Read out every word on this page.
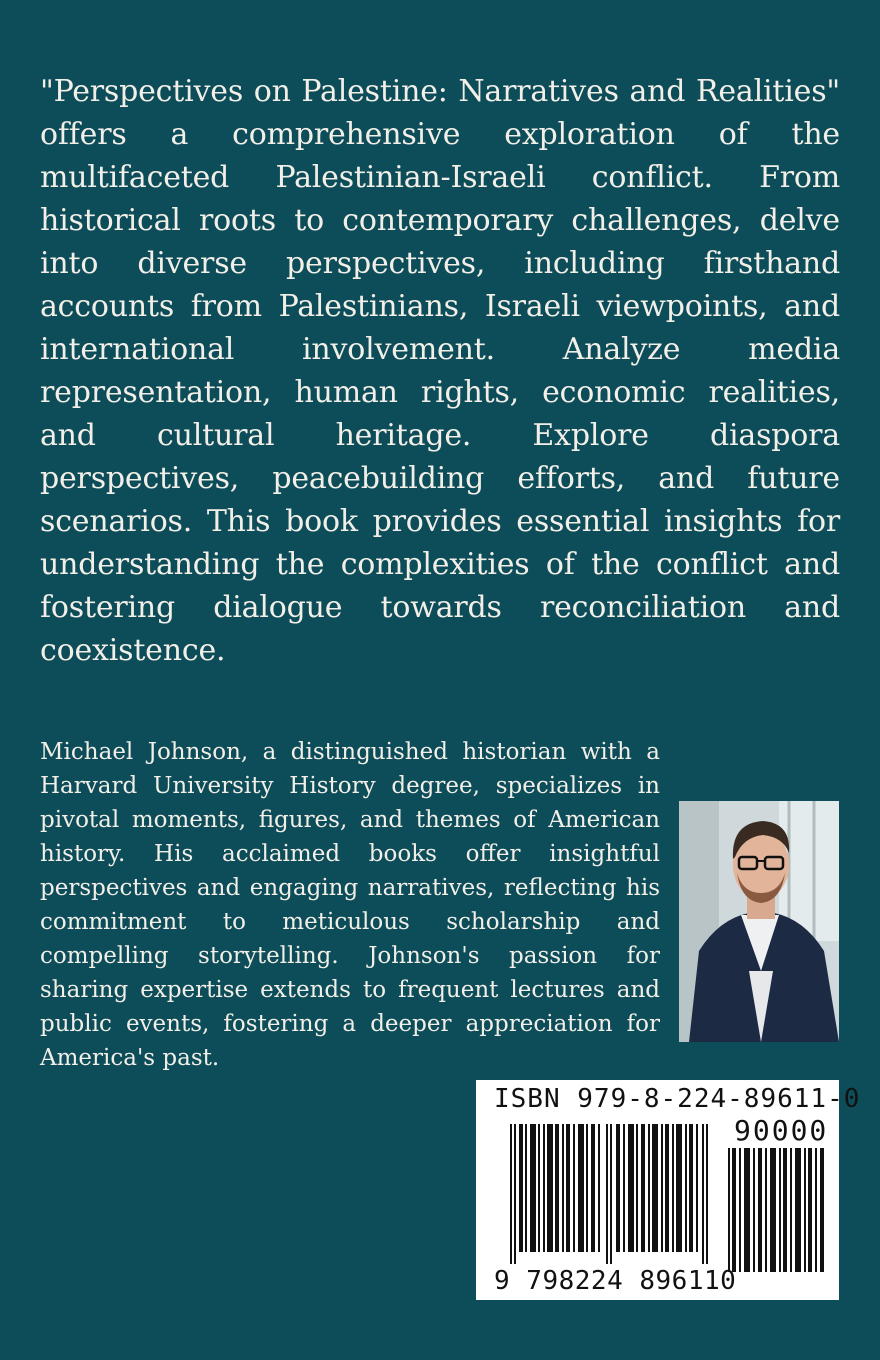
"Perspectives on Palestine: Narratives and Realities" offers a comprehensive exploration of the multifaceted Palestinian-Israeli conflict. From historical roots to contemporary challenges, delve into diverse perspectives, including firsthand accounts from Palestinians, Israeli viewpoints, and international involvement. Analyze media representation, human rights, economic realities, and cultural heritage. Explore diaspora perspectives, peacebuilding efforts, and future scenarios. This book provides essential insights for understanding the complexities of the conflict and fostering dialogue towards reconciliation and coexistence.

Michael Johnson, a distinguished historian with a Harvard University History degree, specializes in pivotal moments, figures, and themes of American history. His acclaimed books offer insightful perspectives and engaging narratives, reflecting his commitment to meticulous scholarship and compelling storytelling. Johnson's passion for sharing expertise extends to frequent lectures and public events, fostering a deeper appreciation for America's past.

ISBN 979-8-224-89611-0
90000
9 798224 896110
